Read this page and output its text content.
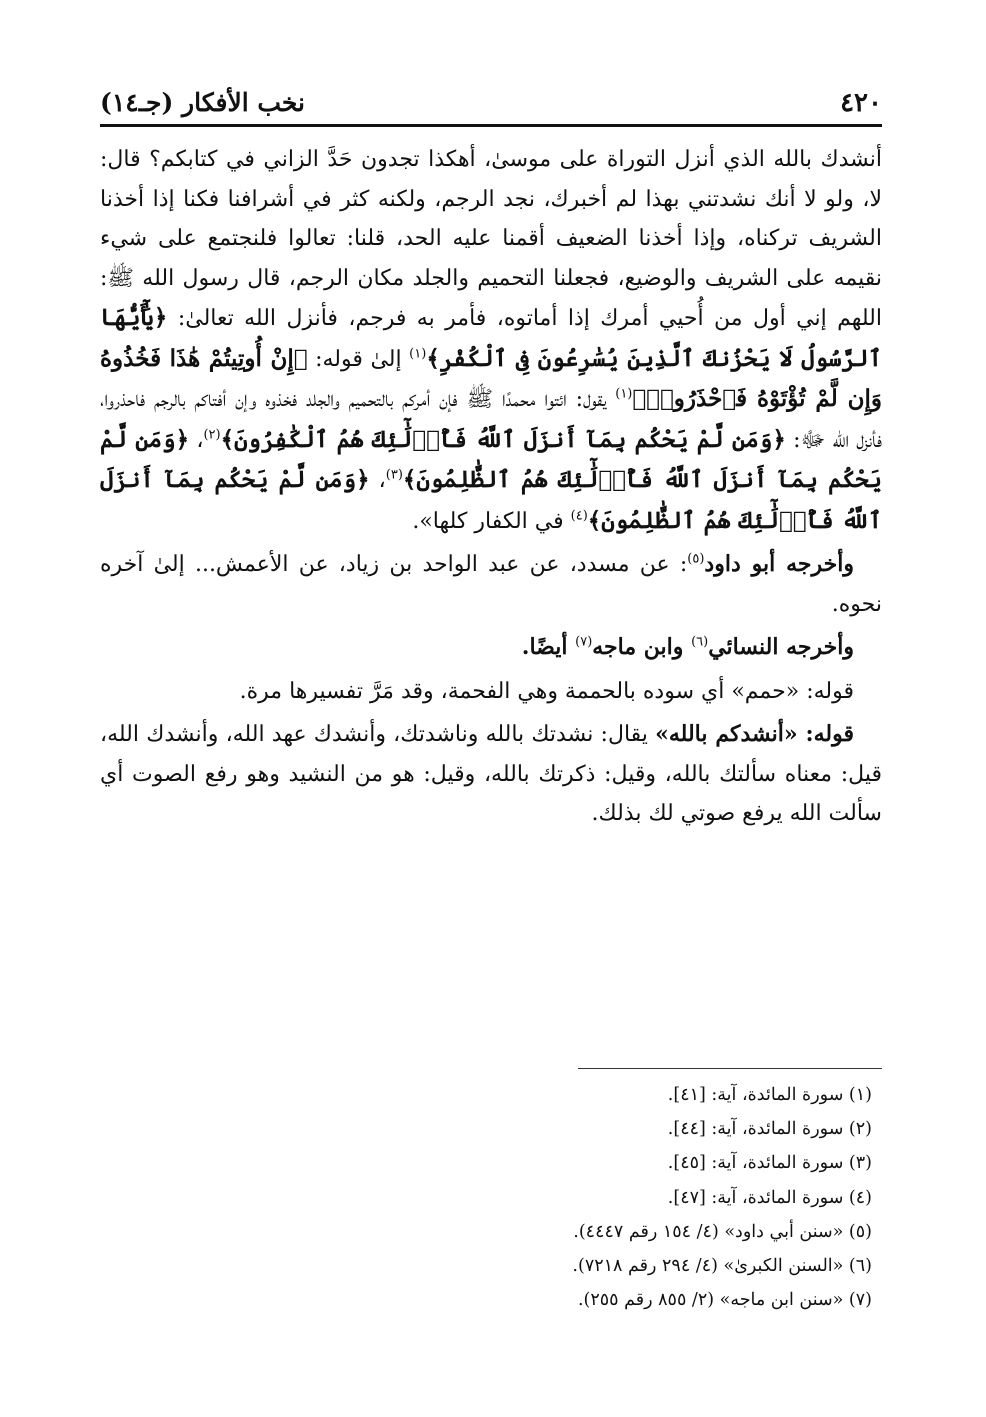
٤٢٠
نخب الأفكار (جـ١٤)

أنشدك بالله الذي أنزل التوراة على موسىٰ، أهكذا تجدون حَدَّ الزاني في كتابكم؟ قال: لا، ولو لا أنك نشدتني بهذا لم أخبرك، نجد الرجم، ولكنه كثر في أشرافنا فكنا إذا أخذنا الشريف تركناه، وإذا أخذنا الضعيف أقمنا عليه الحد، قلنا: تعالوا فلنجتمع على شيء نقيمه على الشريف والوضيع، فجعلنا التحميم والجلد مكان الرجم، قال رسول الله ﷺ: اللهم إني أول من أُحيي أمرك إذا أماتوه، فأمر به فرجم، فأنزل الله تعالىٰ: ﴿يَٰٓأَيُّهَا ٱلرَّسُولُ لَا يَحْزُنكَ ٱلَّذِينَ يُسَٰرِعُونَ فِى ٱلْكُفْرِ﴾$^{(١)}$ إلىٰ قوله: ﴿إِنْ أُوتِيتُمْ هَٰذَا فَخُذُوهُ وَإِن لَّمْ تُؤْتَوْهُ فَٱحْذَرُوا۟﴾$^{(١)}$ يقول: ائتوا محمدًا ﷺ فإن أمركم بالتحميم والجلد فخذوه وإن أفتاكم بالرجم فاحذروا، فأنزل الله ﷻ: ﴿وَمَن لَّمْ يَحْكُم بِمَآ أَنزَلَ ٱللَّهُ فَأُو۟لَٰٓئِكَ هُمُ ٱلْكَٰفِرُونَ﴾$^{(٢)}$، ﴿وَمَن لَّمْ يَحْكُم بِمَآ أَنزَلَ ٱللَّهُ فَأُو۟لَٰٓئِكَ هُمُ ٱلظَّٰلِمُونَ﴾$^{(٣)}$، ﴿وَمَن لَّمْ يَحْكُم بِمَآ أَنزَلَ ٱللَّهُ فَأُو۟لَٰٓئِكَ هُمُ ٱلظَّٰلِمُونَ﴾$^{(٤)}$ في الكفار كلها».

وأخرجه أبو داود$^{(٥)}$: عن مسدد، عن عبد الواحد بن زياد، عن الأعمش... إلىٰ آخره نحوه.

وأخرجه النسائي$^{(٦)}$ وابن ماجه$^{(٧)}$ أيضًا.

قوله: «حمم» أي سوده بالحممة وهي الفحمة، وقد مَرَّ تفسيرها مرة.

قوله: «أنشدكم بالله» يقال: نشدتك بالله وناشدتك، وأنشدك عهد الله، وأنشدك الله، قيل: معناه سألتك بالله، وقيل: ذكرتك بالله، وقيل: هو من النشيد وهو رفع الصوت أي سألت الله يرفع صوتي لك بذلك.

(١) سورة المائدة، آية: [٤١].
(٢) سورة المائدة، آية: [٤٤].
(٣) سورة المائدة، آية: [٤٥].
(٤) سورة المائدة، آية: [٤٧].
(٥) «سنن أبي داود» (٤/ ١٥٤ رقم ٤٤٤٧).
(٦) «السنن الكبرىٰ» (٤/ ٢٩٤ رقم ٧٢١٨).
(٧) «سنن ابن ماجه» (٢/ ٨٥٥ رقم ٢٥٥).
